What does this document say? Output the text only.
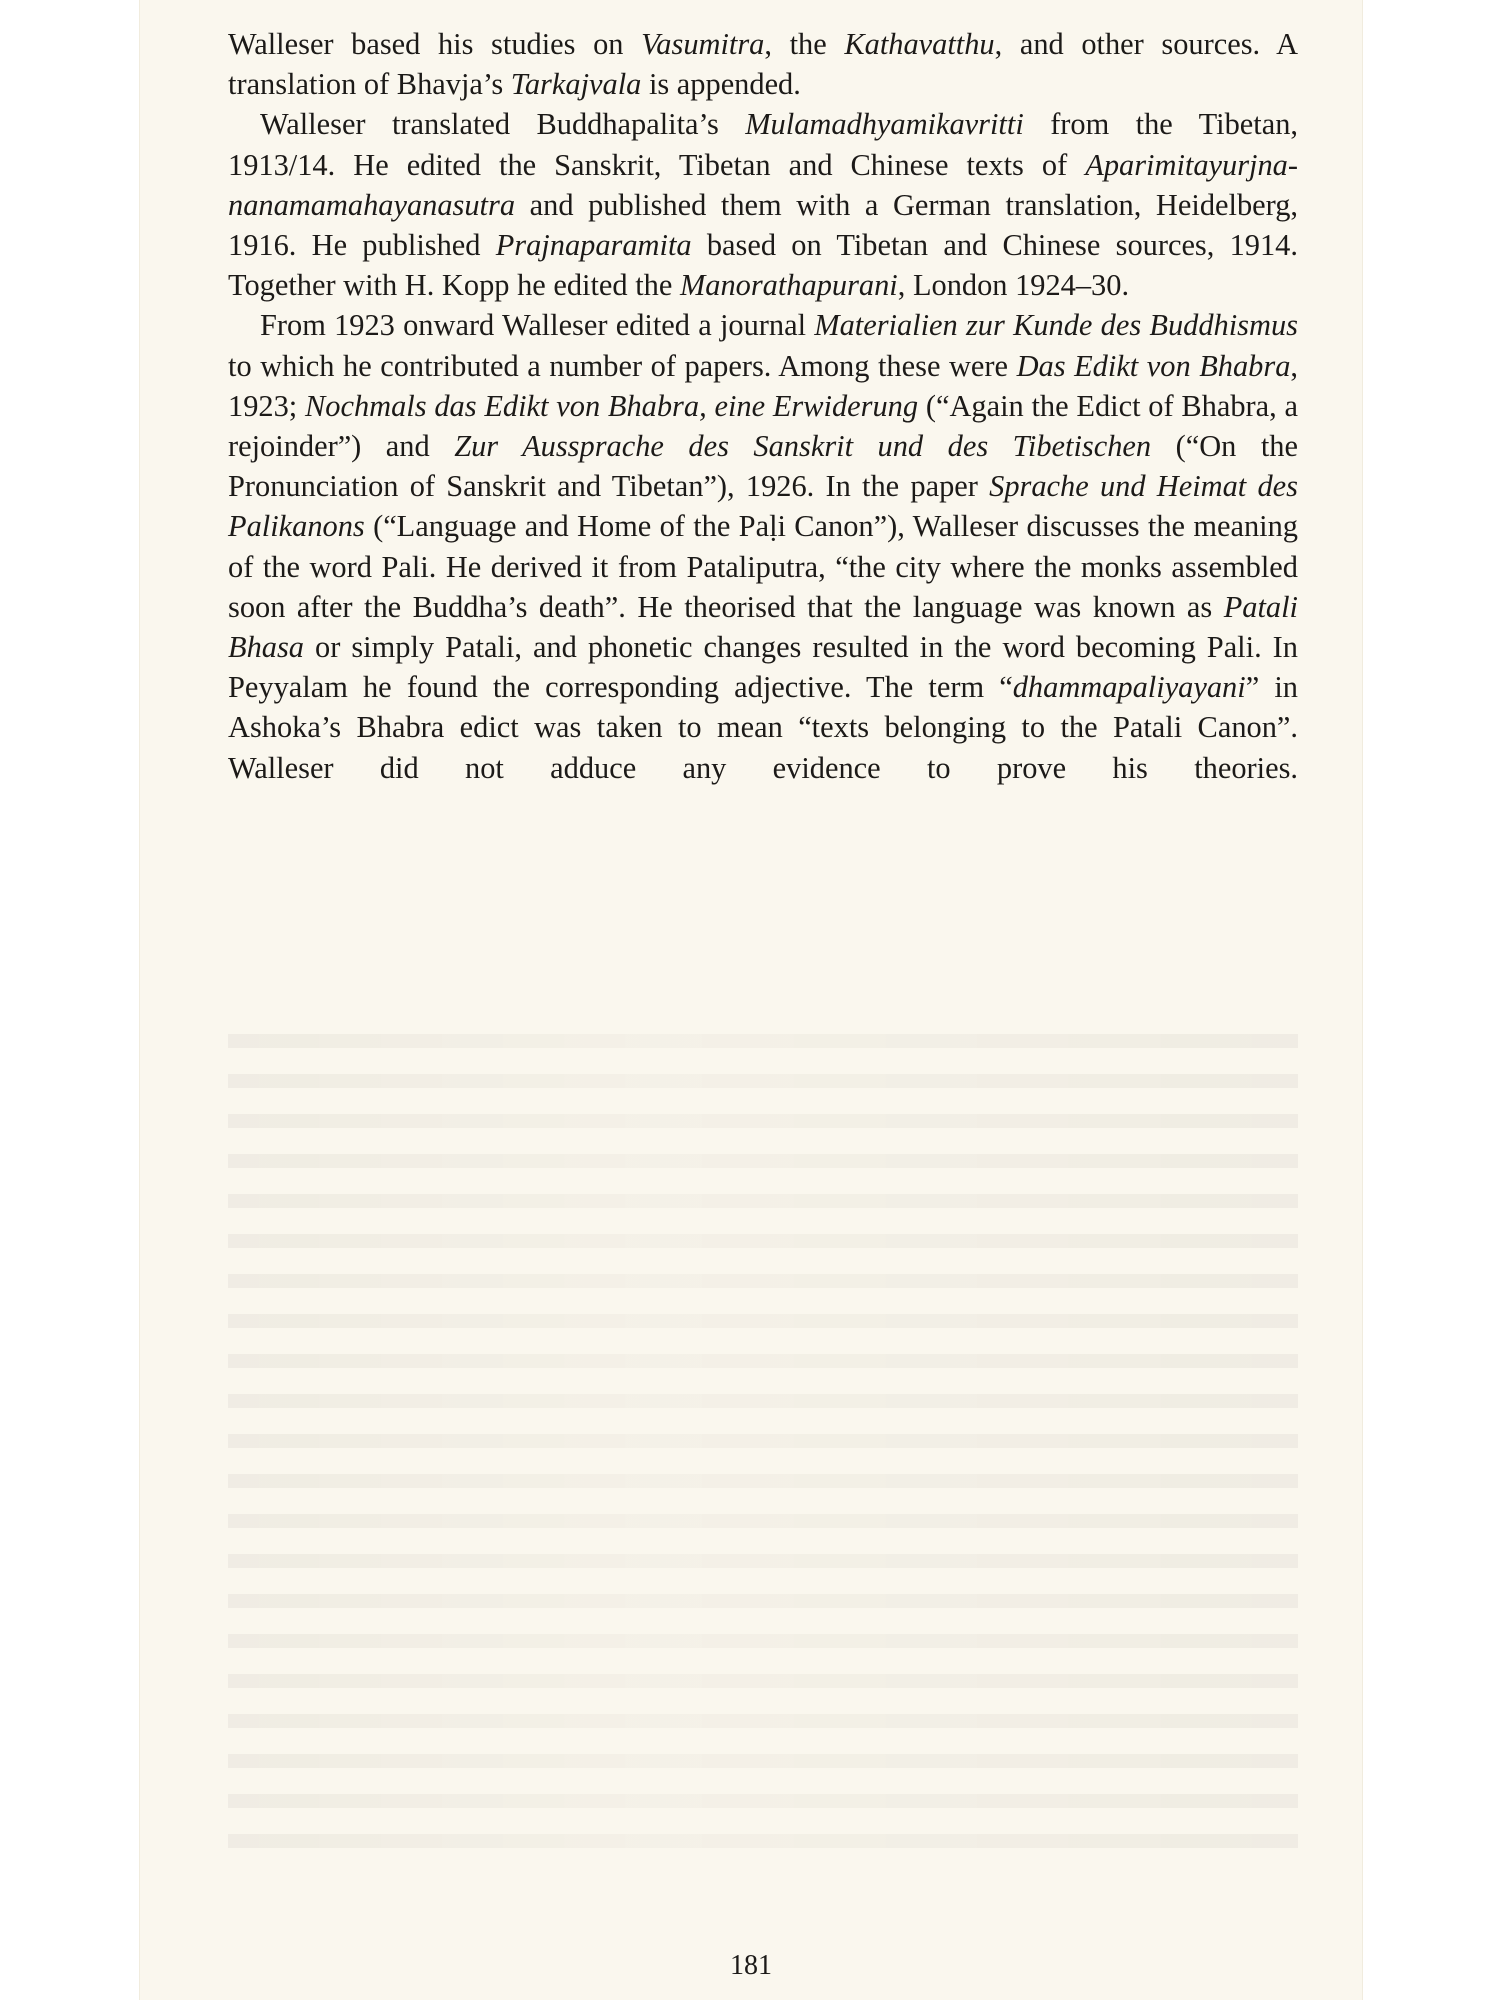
Walleser based his studies on Vasumitra, the Kathavatthu, and other sources. A translation of Bhavja’s Tarkajvala is appended.

Walleser translated Buddhapalita’s Mulamadhyamikavritti from the Tibetan, 1913/14. He edited the Sanskrit, Tibetan and Chinese texts of Aparimitayurjna-nanamamahayanasutra and published them with a German translation, Heidelberg, 1916. He published Prajnaparamita based on Tibetan and Chinese sources, 1914. Together with H. Kopp he edited the Manorathapurani, London 1924–30.

From 1923 onward Walleser edited a journal Materialien zur Kunde des Buddhismus to which he contributed a number of papers. Among these were Das Edikt von Bhabra, 1923; Nochmals das Edikt von Bhabra, eine Erwiderung (“Again the Edict of Bhabra, a rejoinder”) and Zur Aussprache des Sanskrit und des Tibetischen (“On the Pronunciation of Sanskrit and Tibetan”), 1926. In the paper Sprache und Heimat des Palikanons (“Language and Home of the Paḷi Canon”), Walleser discusses the meaning of the word Pali. He derived it from Pataliputra, “the city where the monks assembled soon after the Buddha’s death”. He theorised that the language was known as Patali Bhasa or simply Patali, and phonetic changes resulted in the word becoming Pali. In Peyyalam he found the corresponding adjective. The term “dhammapaliyayani” in Ashoka’s Bhabra edict was taken to mean “texts belonging to the Patali Canon”. Walleser did not adduce any evidence to prove his theories.

181
